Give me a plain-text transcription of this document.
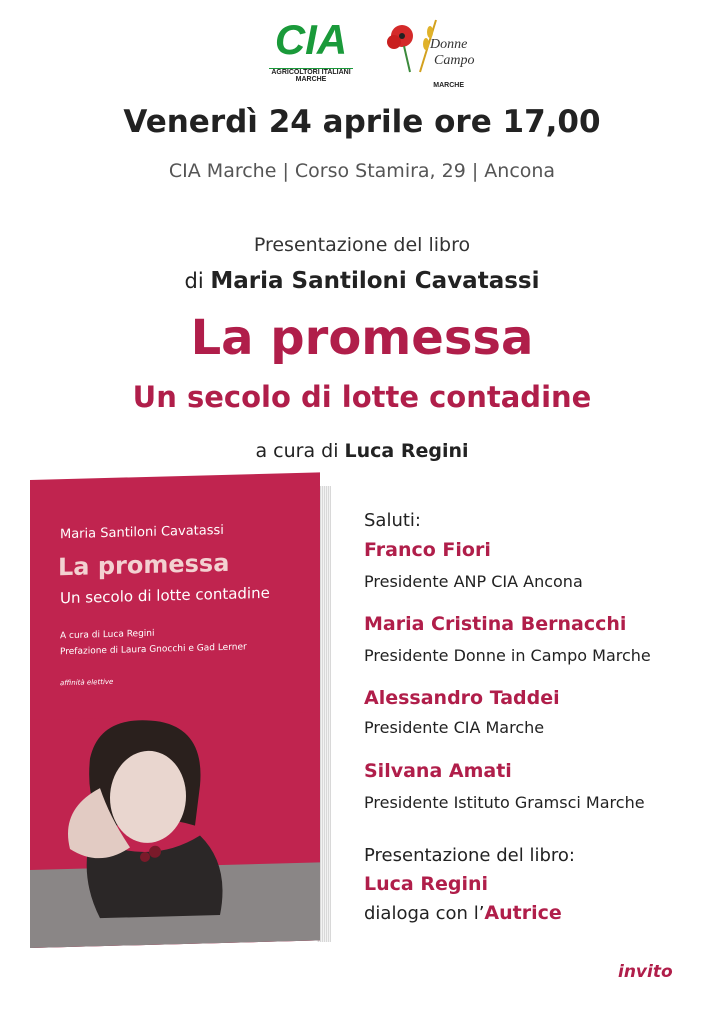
CIA
AGRICOLTORI ITALIANI
MARCHE
Donne
Campo
MARCHE
Venerdì 24 aprile ore 17,00
CIA Marche | Corso Stamira, 29 | Ancona
Presentazione del libro
di Maria Santiloni Cavatassi
La promessa
Un secolo di lotte contadine
a cura di Luca Regini
Maria Santiloni Cavatassi
La promessa
Un secolo di lotte contadine
A cura di Luca Regini
Prefazione di Laura Gnocchi e Gad Lerner
affinità elettive
Saluti:
Franco Fiori
Presidente ANP CIA Ancona
Maria Cristina Bernacchi
Presidente Donne in Campo Marche
Alessandro Taddei
Presidente CIA Marche
Silvana Amati
Presidente Istituto Gramsci Marche
Presentazione del libro:
Luca Regini
dialoga con l’Autrice
invito
